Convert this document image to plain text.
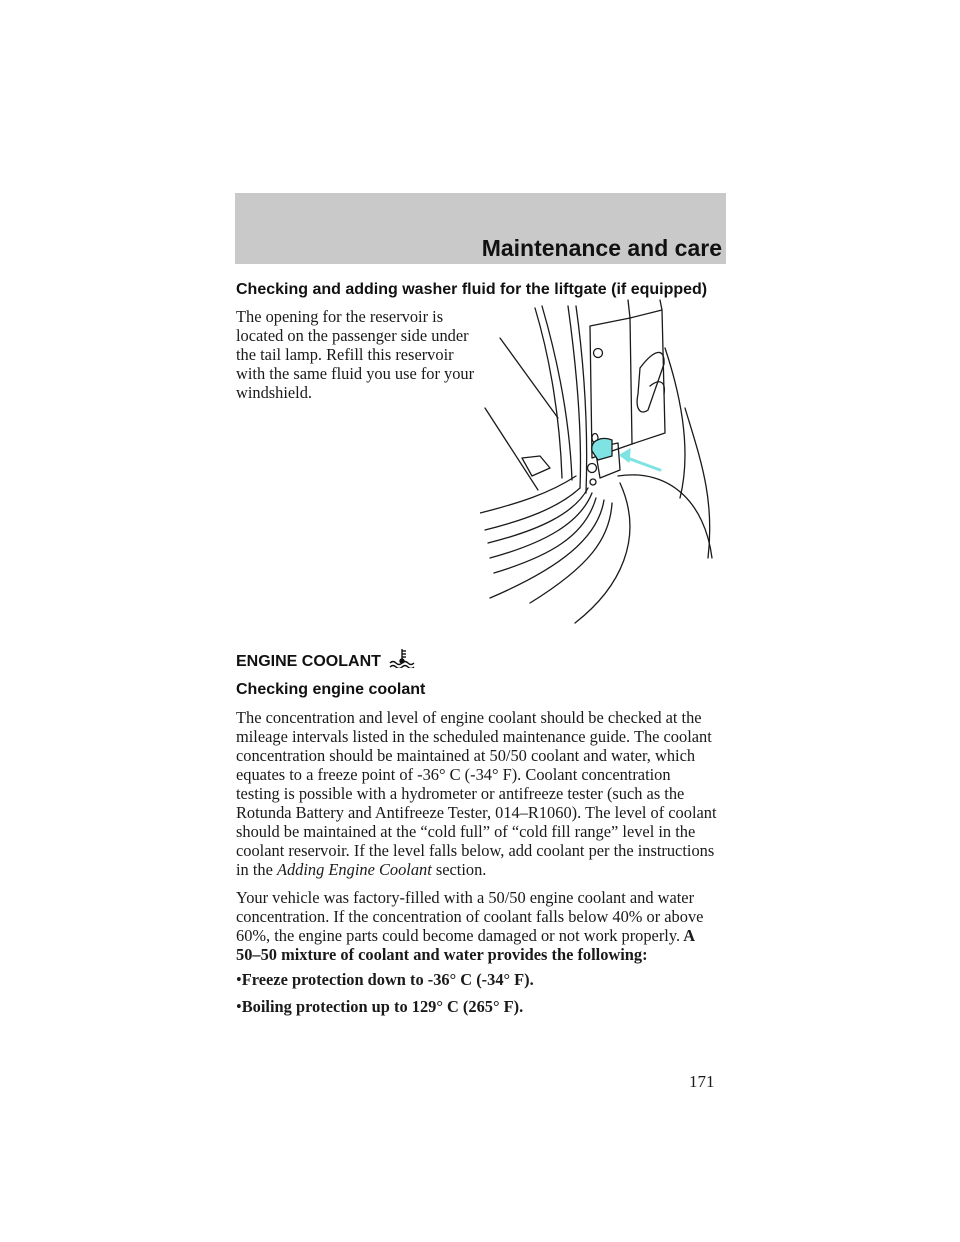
Maintenance and care
Checking and adding washer fluid for the liftgate (if equipped)

The opening for the reservoir is
located on the passenger side under
the tail lamp. Refill this reservoir
with the same fluid you use for your
windshield.

ENGINE COOLANT
Checking engine coolant

The concentration and level of engine coolant should be checked at the
mileage intervals listed in the scheduled maintenance guide. The coolant
concentration should be maintained at 50/50 coolant and water, which
equates to a freeze point of -36° C (-34° F). Coolant concentration
testing is possible with a hydrometer or antifreeze tester (such as the
Rotunda Battery and Antifreeze Tester, 014–R1060). The level of coolant
should be maintained at the “cold full” of “cold fill range” level in the
coolant reservoir. If the level falls below, add coolant per the instructions
in the Adding Engine Coolant section.

Your vehicle was factory-filled with a 50/50 engine coolant and water
concentration. If the concentration of coolant falls below 40% or above
60%, the engine parts could become damaged or not work properly. A
50–50 mixture of coolant and water provides the following:

•Freeze protection down to -36° C (-34° F).

•Boiling protection up to 129° C (265° F).

171
